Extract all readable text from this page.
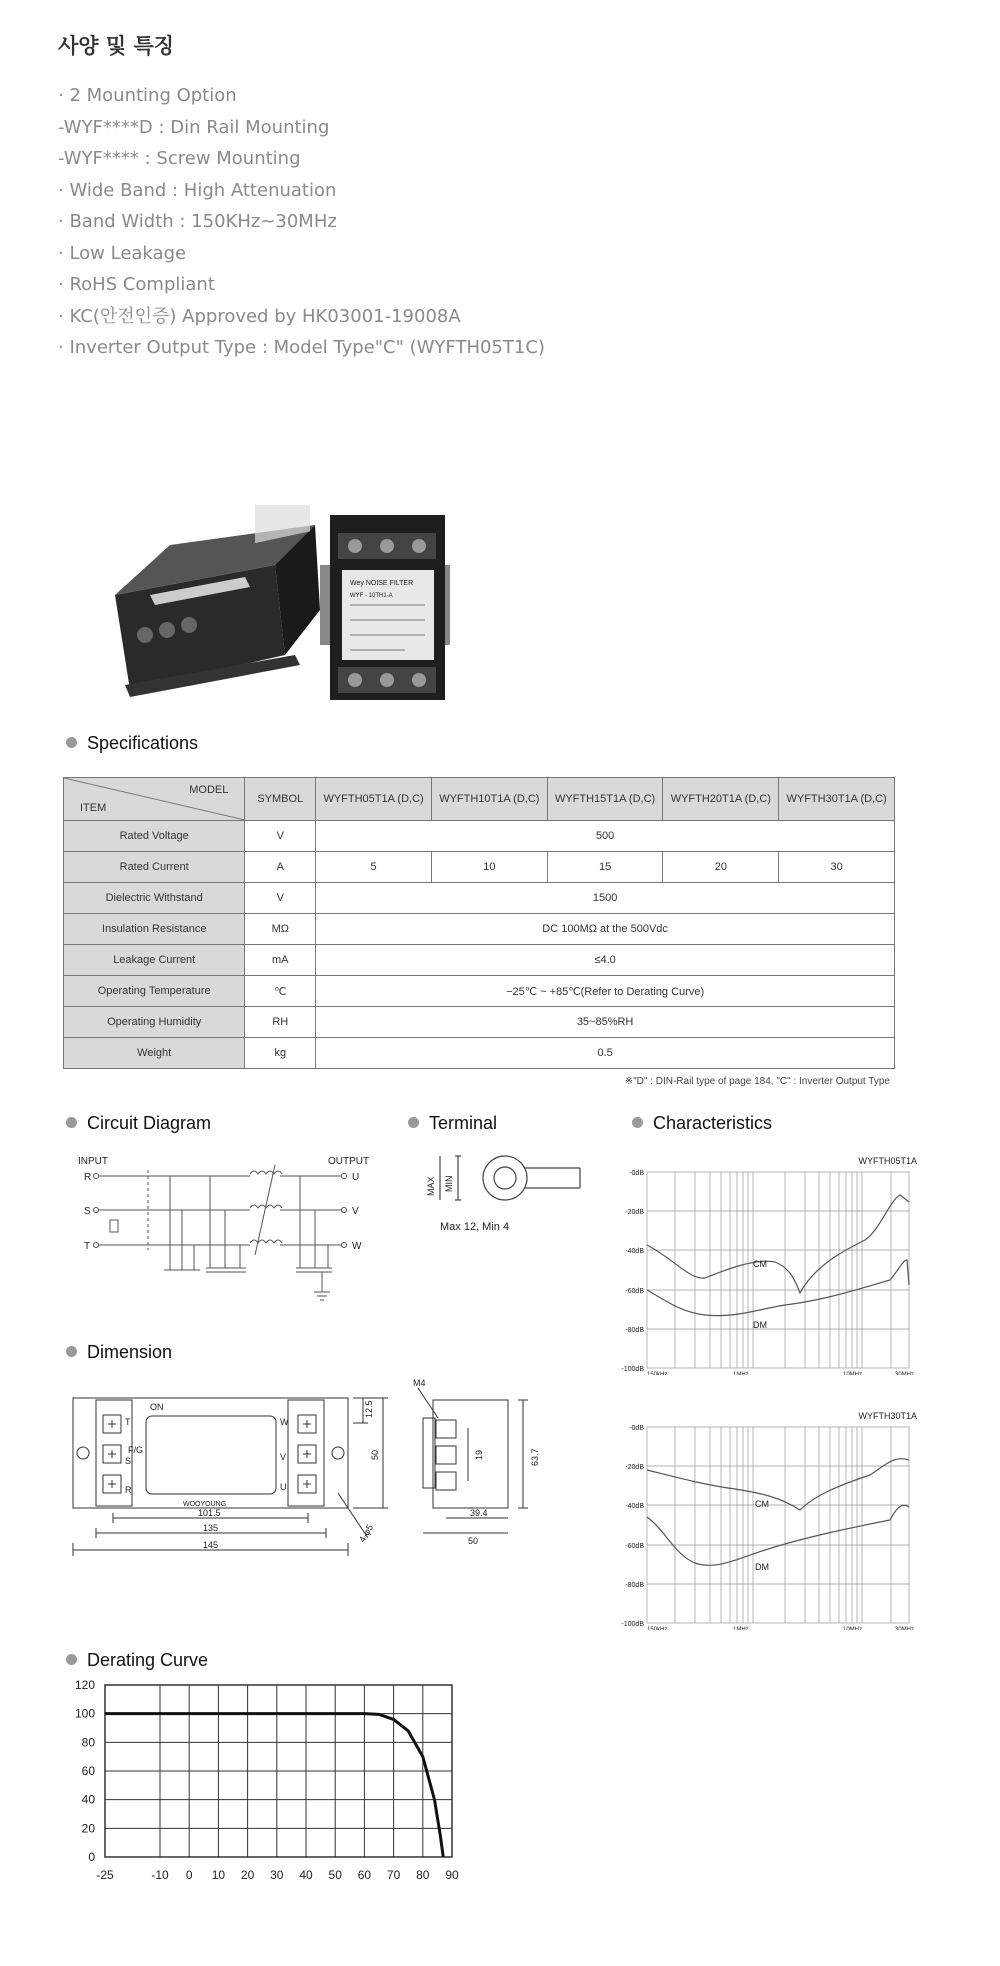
사양 및 특징
· 2 Mounting Option
-WYF****D : Din Rail Mounting
-WYF**** : Screw Mounting
· Wide Band : High Attenuation
· Band Width : 150KHz~30MHz
· Low Leakage
· RoHS Compliant
· KC(안전인증) Approved by HK03001-19008A
· Inverter Output Type : Model Type"C" (WYFTH05T1C)
Wey NOISE FILTER
WYF - 10TH1-A
Specifications
MODEL
ITEM	SYMBOL	WYFTH05T1A (D,C)	WYFTH10T1A (D,C)	WYFTH15T1A (D,C)	WYFTH20T1A (D,C)	WYFTH30T1A (D,C)
Rated Voltage	V	500				
Rated Current	A	5	10	15	20	30
Dielectric Withstand	V	1500				
Insulation Resistance	MΩ	DC 100MΩ at the 500Vdc				
Leakage Current	mA	≤4.0				
Operating Temperature	℃	−25℃ ~ +85℃(Refer to Derating Curve)				
Operating Humidity	RH	35~85%RH				
Weight	kg	0.5				
※"D" : DIN-Rail type of page 184, "C" : Inverter Output Type
Circuit Diagram
INPUT	OUTPUT
R
S
T
U
V
W
Terminal
MAX MIN
Max 12, Min 4
Characteristics
WYFTH05T1A
-0dB
-20dB
-40dB
-60dB
-80dB
-100dB
150kHz	1MHz	10MHz	30MHz
CM
DM
WYFTH30T1A
-0dB
-20dB
-40dB
-60dB
-80dB
-100dB
150kHz	1MHz	10MHz	30MHz
CM
DM
Dimension
ON
F/G
T
S
R
W
V
U
WOOYOUNG
101.5
135
145
12.5
50
4-φ5
M4
19	63.7
39.4
50
Derating Curve
-25	-10 0 10 20 30 40 50 60 70 80 90
0
20
40
60
80
100
120
